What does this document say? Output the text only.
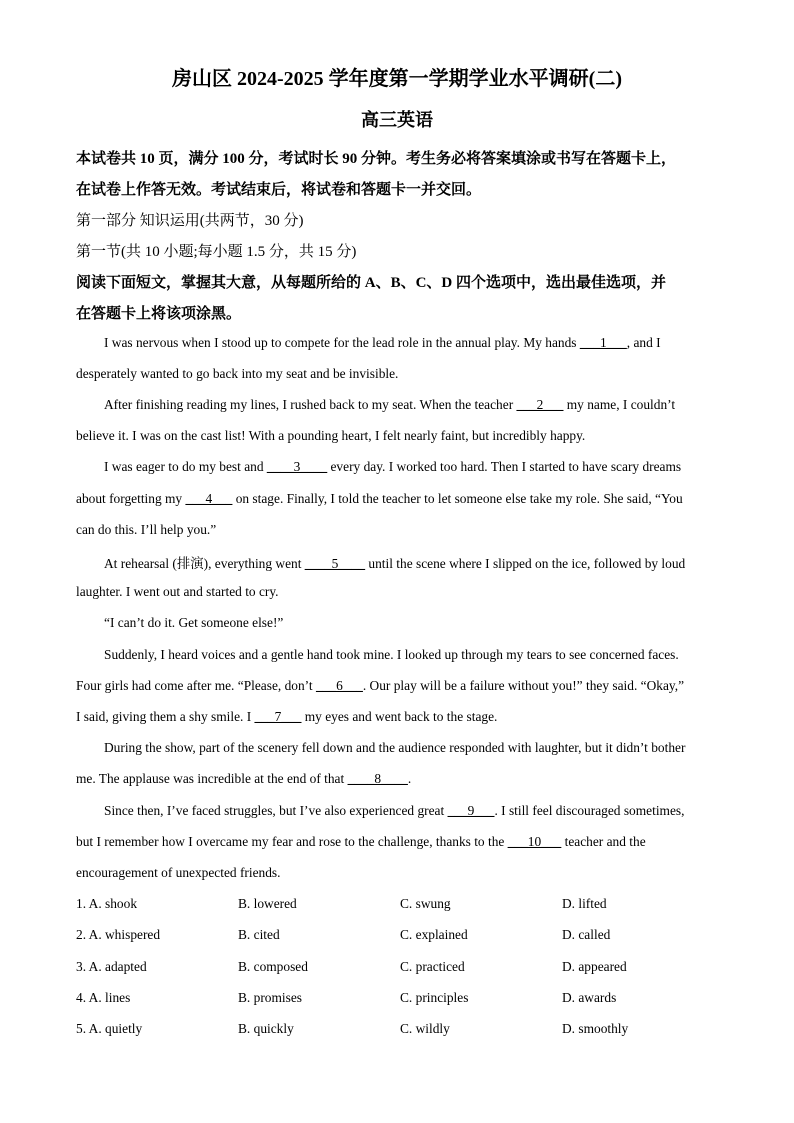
房山区 2024-2025 学年度第一学期学业水平调研(二)
高三英语
本试卷共 10 页，满分 100 分，考试时长 90 分钟。考生务必将答案填涂或书写在答题卡上，
在试卷上作答无效。考试结束后，将试卷和答题卡一并交回。
第一部分 知识运用(共两节，30 分)
第一节(共 10 小题;每小题 1.5 分，共 15 分)
阅读下面短文，掌握其大意，从每题所给的 A、B、C、D 四个选项中，选出最佳选项，并
在答题卡上将该项涂黑。
I was nervous when I stood up to compete for the lead role in the annual play. My hands ___1___, and I
desperately wanted to go back into my seat and be invisible.
After finishing reading my lines, I rushed back to my seat. When the teacher ___2___ my name, I couldn’t
believe it. I was on the cast list! With a pounding heart, I felt nearly faint, but incredibly happy.
I was eager to do my best and ____3____ every day. I worked too hard. Then I started to have scary dreams
about forgetting my ___4___ on stage. Finally, I told the teacher to let someone else take my role. She said, “You
can do this. I’ll help you.”
At rehearsal (排演), everything went ____5____ until the scene where I slipped on the ice, followed by loud
laughter. I went out and started to cry.
“I can’t do it. Get someone else!”
Suddenly, I heard voices and a gentle hand took mine. I looked up through my tears to see concerned faces.
Four girls had come after me. “Please, don’t ___6___. Our play will be a failure without you!” they said. “Okay,”
I said, giving them a shy smile. I ___7___ my eyes and went back to the stage.
During the show, part of the scenery fell down and the audience responded with laughter, but it didn’t bother
me. The applause was incredible at the end of that ____8____.
Since then, I’ve faced struggles, but I’ve also experienced great ___9___. I still feel discouraged sometimes,
but I remember how I overcame my fear and rose to the challenge, thanks to the ___10___ teacher and the
encouragement of unexpected friends.
1. A. shook	B. lowered	C. swung	D. lifted
2. A. whispered	B. cited	C. explained	D. called
3. A. adapted	B. composed	C. practiced	D. appeared
4. A. lines	B. promises	C. principles	D. awards
5. A. quietly	B. quickly	C. wildly	D. smoothly
